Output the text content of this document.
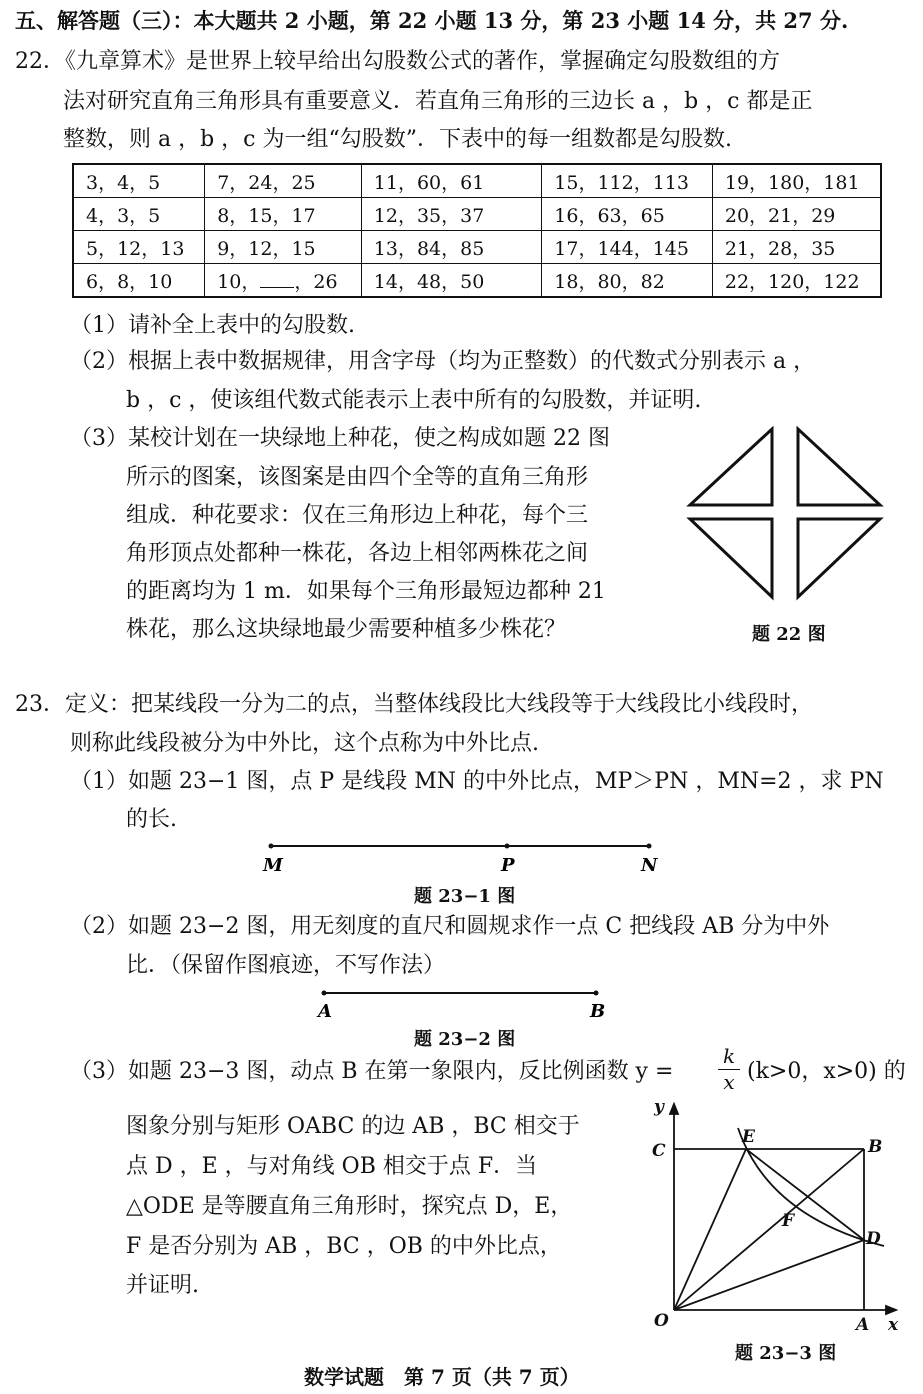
五、解答题（三）：本大题共 2 小题，第 22 小题 13 分，第 23 小题 14 分，共 27 分.
22．《九章算术》是世界上较早给出勾股数公式的著作，掌握确定勾股数组的方
法对研究直角三角形具有重要意义．若直角三角形的三边长 a ，b ，c 都是正
整数，则 a ，b ，c 为一组“勾股数”．下表中的每一组数都是勾股数.
3，4，5	7，24，25	11，60，61	15，112，113	19，180，181
4，3，5	8，15，17	12，35，37	16，63，65	20，21，29
5，12，13	9，12，15	13，84，85	17，144，145	21，28，35
6，8，10	10， ，26	14，48，50	18，80，82	22，120，122
（1）请补全上表中的勾股数.
（2）根据上表中数据规律，用含字母（均为正整数）的代数式分别表示 a ，
b ，c ，使该组代数式能表示上表中所有的勾股数，并证明.
（3）某校计划在一块绿地上种花，使之构成如题 22 图
所示的图案，该图案是由四个全等的直角三角形
组成．种花要求：仅在三角形边上种花，每个三
角形顶点处都种一株花，各边上相邻两株花之间
的距离均为 1 m．如果每个三角形最短边都种 21
株花，那么这块绿地最少需要种植多少株花？	题 22 图
23．定义：把某线段一分为二的点，当整体线段比大线段等于大线段比小线段时，
则称此线段被分为中外比，这个点称为中外比点.
（1）如题 23−1 图，点 P 是线段 MN 的中外比点，MP＞PN ，MN=2 ，求 PN
的长.
M	P	N
题 23−1 图
（2）如题 23−2 图，用无刻度的直尺和圆规求作一点 C 把线段 AB 分为中外
比．（保留作图痕迹，不写作法）
A	B
题 23−2 图
（3）如题 23−3 图，动点 B 在第一象限内，反比例函数 y =
k
x (k>0，x>0) 的
图象分别与矩形 OABC 的边 AB ，BC 相交于
点 D ，E ，与对角线 OB 相交于点 F．当
△ODE 是等腰直角三角形时，探究点 D，E，
F 是否分别为 AB ，BC ，OB 的中外比点，
并证明.
y
C
E	B
F
D
O	A x
题 23−3 图
数学试题　第 7 页（共 7 页）
